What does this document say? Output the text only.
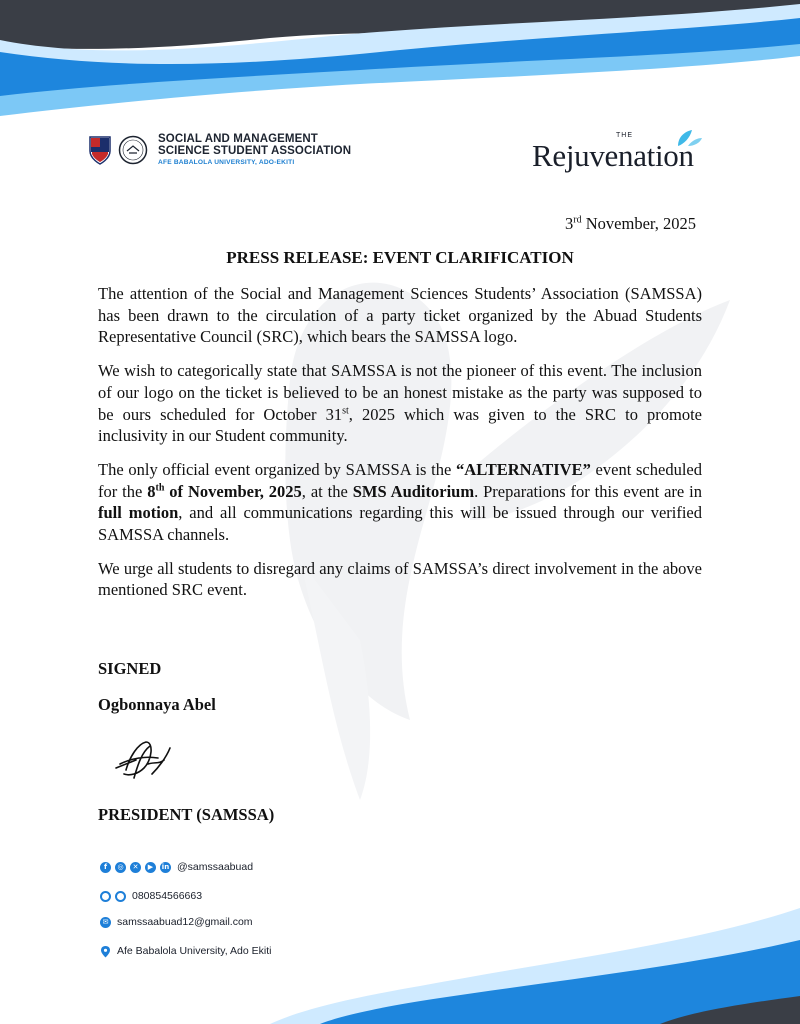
SOCIAL AND MANAGEMENT
SCIENCE STUDENT ASSOCIATION
AFE BABALOLA UNIVERSITY, ADO-EKITI
THE
Rejuvenation
3rd November, 2025
PRESS RELEASE: EVENT CLARIFICATION

The attention of the Social and Management Sciences Students’ Association (SAMSSA) has been drawn to the circulation of a party ticket organized by the Abuad Students Representative Council (SRC), which bears the SAMSSA logo.

We wish to categorically state that SAMSSA is not the pioneer of this event. The inclusion of our logo on the ticket is believed to be an honest mistake as the party was supposed to be ours scheduled for October 31st, 2025 which was given to the SRC to promote inclusivity in our Student community.

The only official event organized by SAMSSA is the “ALTERNATIVE” event scheduled for the 8th of November, 2025, at the SMS Auditorium. Preparations for this event are in full motion, and all communications regarding this will be issued through our verified SAMSSA channels.

We urge all students to disregard any claims of SAMSSA’s direct involvement in the above mentioned SRC event.

SIGNED
Ogbonnaya Abel
PRESIDENT (SAMSSA)
f	◎	✕	▶	in @samssaabuad
080854566663
✉ samssaabuad12@gmail.com
Afe Babalola University, Ado Ekiti
